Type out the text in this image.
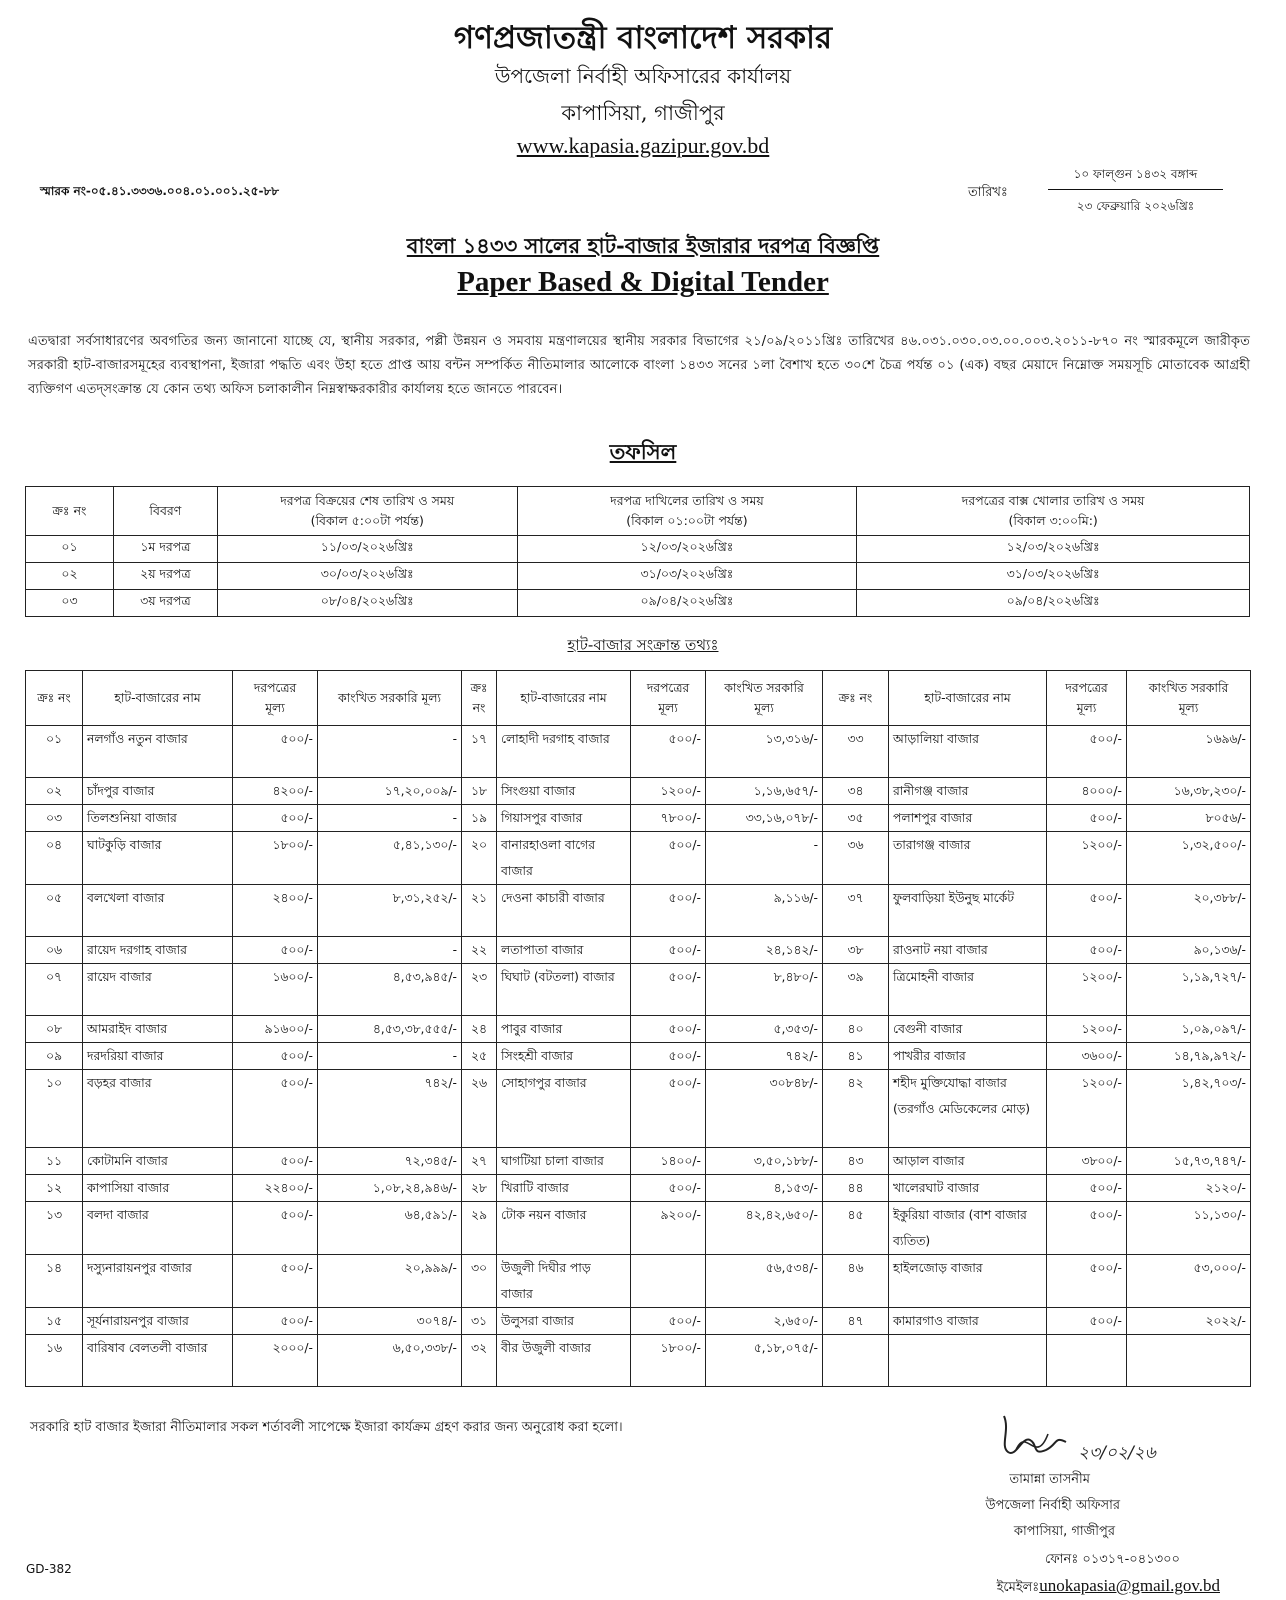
গণপ্রজাতন্ত্রী বাংলাদেশ সরকার
উপজেলা নির্বাহী অফিসারের কার্যালয়
কাপাসিয়া, গাজীপুর
www.kapasia.gazipur.gov.bd
স্মারক নং-০৫.৪১.৩৩৩৬.০০৪.০১.০০১.২৫-৮৮	তারিখঃ
১০ ফাল্গুন ১৪৩২ বঙ্গাব্দ
২৩ ফেব্রুয়ারি ২০২৬খ্রিঃ
বাংলা ১৪৩৩ সালের হাট-বাজার ইজারার দরপত্র বিজ্ঞপ্তি
Paper Based & Digital Tender
এতদ্বারা সর্বসাধারণের অবগতির জন্য জানানো যাচ্ছে যে, স্থানীয় সরকার, পল্লী উন্নয়ন ও সমবায় মন্ত্রণালয়ের স্থানীয় সরকার বিভাগের ২১/০৯/২০১১খ্রিঃ তারিখের ৪৬.০৩১.০৩০.০৩.০০.০০৩.২০১১-৮৭০ নং স্মারকমূলে জারীকৃত সরকারী হাট-বাজারসমূহের ব্যবস্থাপনা, ইজারা পদ্ধতি এবং উহা হতে প্রাপ্ত আয় বন্টন সম্পর্কিত নীতিমালার আলোকে বাংলা ১৪৩৩ সনের ১লা বৈশাখ হতে ৩০শে চৈত্র পর্যন্ত ০১ (এক) বছর মেয়াদে নিম্নোক্ত সময়সূচি মোতাবেক আগ্রহী ব্যক্তিগণ এতদ্সংক্রান্ত যে কোন তথ্য অফিস চলাকালীন নিম্নস্বাক্ষরকারীর কার্যালয় হতে জানতে পারবেন।
তফসিল
ক্রঃ নং	বিবরণ	দরপত্র বিক্রয়ের শেষ তারিখ ও সময়
(বিকাল ৫:০০টা পর্যন্ত)	দরপত্র দাখিলের তারিখ ও সময়
(বিকাল ০১:০০টা পর্যন্ত)	দরপত্রের বাক্স খোলার তারিখ ও সময়
(বিকাল ৩:০০মি:)
০১	১ম দরপত্র	১১/০৩/২০২৬খ্রিঃ	১২/০৩/২০২৬খ্রিঃ	১২/০৩/২০২৬খ্রিঃ
০২	২য় দরপত্র	৩০/০৩/২০২৬খ্রিঃ	৩১/০৩/২০২৬খ্রিঃ	৩১/০৩/২০২৬খ্রিঃ
০৩	৩য় দরপত্র	০৮/০৪/২০২৬খ্রিঃ	০৯/০৪/২০২৬খ্রিঃ	০৯/০৪/২০২৬খ্রিঃ
হাট-বাজার সংক্রান্ত তথ্যঃ
ক্রঃ নং	হাট-বাজারের নাম	দরপত্রের
মূল্য	কাংখিত সরকারি মূল্য	ক্রঃ
নং	হাট-বাজারের নাম	দরপত্রের
মূল্য	কাংখিত সরকারি
মূল্য	ক্রঃ নং	হাট-বাজারের নাম	দরপত্রের
মূল্য	কাংখিত সরকারি
মূল্য
০১	নলগাঁও নতুন বাজার	৫০০/-	-	১৭	লোহাদী দরগাহ বাজার	৫০০/-	১৩,৩১৬/-	৩৩	আড়ালিয়া বাজার	৫০০/-	১৬৯৬/-
০২	চাঁদপুর বাজার	৪২০০/-	১৭,২০,০০৯/-	১৮	সিংগুয়া বাজার	১২০০/-	১,১৬,৬৫৭/-	৩৪	রানীগঞ্জ বাজার	৪০০০/-	১৬,৩৮,২৩০/-
০৩	তিলশুনিয়া বাজার	৫০০/-	-	১৯	গিয়াসপুর বাজার	৭৮০০/-	৩৩,১৬,০৭৮/-	৩৫	পলাশপুর বাজার	৫০০/-	৮০৫৬/-
০৪	ঘাটকুড়ি বাজার	১৮০০/-	৫,৪১,১৩০/-	২০	বানারহাওলা বাগের বাজার	৫০০/-	-	৩৬	তারাগঞ্জ বাজার	১২০০/-	১,৩২,৫০০/-
০৫	বলখেলা বাজার	২৪০০/-	৮,৩১,২৫২/-	২১	দেওনা কাচারী বাজার	৫০০/-	৯,১১৬/-	৩৭	ফুলবাড়িয়া ইউনুছ মার্কেট	৫০০/-	২০,৩৮৮/-
০৬	রায়েদ দরগাহ বাজার	৫০০/-	-	২২	লতাপাতা বাজার	৫০০/-	২৪,১৪২/-	৩৮	রাওনাট নয়া বাজার	৫০০/-	৯০,১৩৬/-
০৭	রায়েদ বাজার	১৬০০/-	৪,৫৩,৯৪৫/-	২৩	ঘিঘাট (বটতলা) বাজার	৫০০/-	৮,৪৮০/-	৩৯	ত্রিমোহনী বাজার	১২০০/-	১,১৯,৭২৭/-
০৮	আমরাইদ বাজার	৯১৬০০/-	৪,৫৩,৩৮,৫৫৫/-	২৪	পাবুর বাজার	৫০০/-	৫,৩৫৩/-	৪০	বেগুনী বাজার	১২০০/-	১,০৯,০৯৭/-
০৯	দরদরিয়া বাজার	৫০০/-	-	২৫	সিংহশ্রী বাজার	৫০০/-	৭৪২/-	৪১	পাখরীর বাজার	৩৬০০/-	১৪,৭৯,৯৭২/-
১০	বড়হর বাজার	৫০০/-	৭৪২/-	২৬	সোহাগপুর বাজার	৫০০/-	৩০৮৪৮/-	৪২	শহীদ মুক্তিযোদ্ধা বাজার (তরগাঁও মেডিকেলের মোড়)	১২০০/-	১,৪২,৭০৩/-
১১	কোটামনি বাজার	৫০০/-	৭২,৩৪৫/-	২৭	ঘাগটিয়া চালা বাজার	১৪০০/-	৩,৫০,১৮৮/-	৪৩	আড়াল বাজার	৩৮০০/-	১৫,৭৩,৭৪৭/-
১২	কাপাসিয়া বাজার	২২৪০০/-	১,০৮,২৪,৯৪৬/-	২৮	খিরাটি বাজার	৫০০/-	৪,১৫৩/-	৪৪	খালেরঘাট বাজার	৫০০/-	২১২০/-
১৩	বলদা বাজার	৫০০/-	৬৪,৫৯১/-	২৯	টোক নয়ন বাজার	৯২০০/-	৪২,৪২,৬৫০/-	৪৫	ইকুরিয়া বাজার (বাশ বাজার ব্যতিত)	৫০০/-	১১,১৩০/-
১৪	দস্যুনারায়নপুর বাজার	৫০০/-	২০,৯৯৯/-	৩০	উজুলী দিঘীর পাড় বাজার		৫৬,৫৩৪/-	৪৬	হাইলজোড় বাজার	৫০০/-	৫৩,০০০/-
১৫	সূর্যনারায়নপুর বাজার	৫০০/-	৩০৭৪/-	৩১	উলুসরা বাজার	৫০০/-	২,৬৫০/-	৪৭	কামারগাও বাজার	৫০০/-	২০২২/-
১৬	বারিষাব বেলতলী বাজার	২০০০/-	৬,৫০,৩৩৮/-	৩২	বীর উজুলী বাজার	১৮০০/-	৫,১৮,০৭৫/-				
সরকারি হাট বাজার ইজারা নীতিমালার সকল শর্তাবলী সাপেক্ষে ইজারা কার্যক্রম গ্রহণ করার জন্য অনুরোধ করা হলো।
২৩/০২/২৬
তামান্না তাসনীম
উপজেলা নির্বাহী অফিসার
কাপাসিয়া, গাজীপুর
ফোনঃ ০১৩১৭-০৪১৩০০
ইমেইলঃunokapasia@gmail.gov.bd
GD-382
